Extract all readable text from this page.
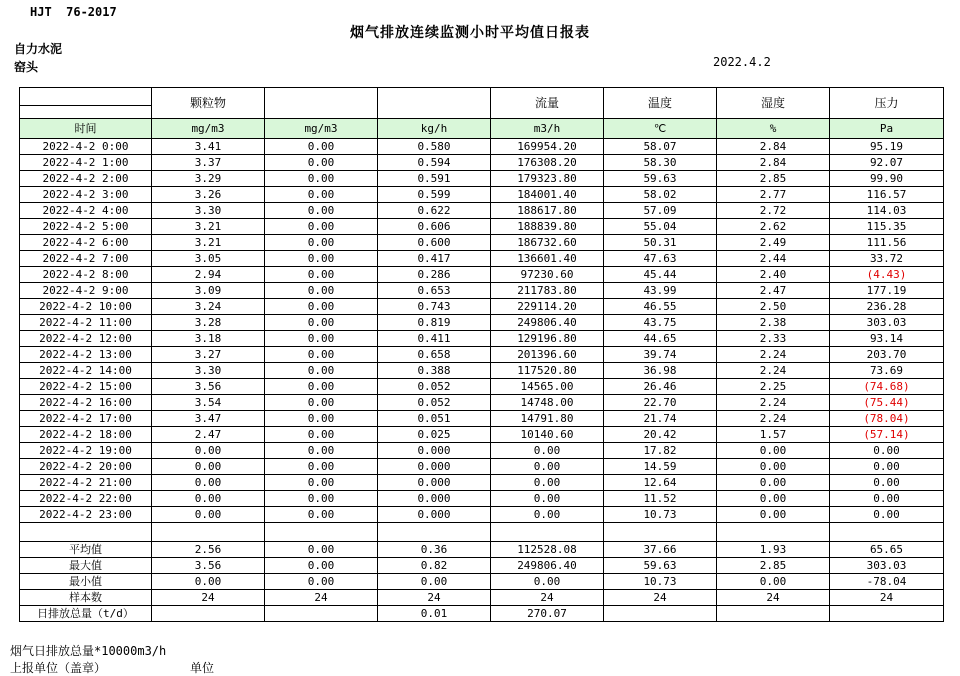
HJT  76-2017
烟气排放连续监测小时平均值日报表
自力水泥
窑头	2022.4.2
	颗粒物			流量	温度	湿度	压力

时间	mg/m3	mg/m3	kg/h	m3/h	℃	%	Pa
2022-4-2 0:00	3.41	0.00	0.580	169954.20	58.07	2.84	95.19
2022-4-2 1:00	3.37	0.00	0.594	176308.20	58.30	2.84	92.07
2022-4-2 2:00	3.29	0.00	0.591	179323.80	59.63	2.85	99.90
2022-4-2 3:00	3.26	0.00	0.599	184001.40	58.02	2.77	116.57
2022-4-2 4:00	3.30	0.00	0.622	188617.80	57.09	2.72	114.03
2022-4-2 5:00	3.21	0.00	0.606	188839.80	55.04	2.62	115.35
2022-4-2 6:00	3.21	0.00	0.600	186732.60	50.31	2.49	111.56
2022-4-2 7:00	3.05	0.00	0.417	136601.40	47.63	2.44	33.72
2022-4-2 8:00	2.94	0.00	0.286	97230.60	45.44	2.40	(4.43)
2022-4-2 9:00	3.09	0.00	0.653	211783.80	43.99	2.47	177.19
2022-4-2 10:00	3.24	0.00	0.743	229114.20	46.55	2.50	236.28
2022-4-2 11:00	3.28	0.00	0.819	249806.40	43.75	2.38	303.03
2022-4-2 12:00	3.18	0.00	0.411	129196.80	44.65	2.33	93.14
2022-4-2 13:00	3.27	0.00	0.658	201396.60	39.74	2.24	203.70
2022-4-2 14:00	3.30	0.00	0.388	117520.80	36.98	2.24	73.69
2022-4-2 15:00	3.56	0.00	0.052	14565.00	26.46	2.25	(74.68)
2022-4-2 16:00	3.54	0.00	0.052	14748.00	22.70	2.24	(75.44)
2022-4-2 17:00	3.47	0.00	0.051	14791.80	21.74	2.24	(78.04)
2022-4-2 18:00	2.47	0.00	0.025	10140.60	20.42	1.57	(57.14)
2022-4-2 19:00	0.00	0.00	0.000	0.00	17.82	0.00	0.00
2022-4-2 20:00	0.00	0.00	0.000	0.00	14.59	0.00	0.00
2022-4-2 21:00	0.00	0.00	0.000	0.00	12.64	0.00	0.00
2022-4-2 22:00	0.00	0.00	0.000	0.00	11.52	0.00	0.00
2022-4-2 23:00	0.00	0.00	0.000	0.00	10.73	0.00	0.00

平均值	2.56	0.00	0.36	112528.08	37.66	1.93	65.65
最大值	3.56	0.00	0.82	249806.40	59.63	2.85	303.03
最小值	0.00	0.00	0.00	0.00	10.73	0.00	-78.04
样本数	24	24	24	24	24	24	24
日排放总量（t/d）			0.01	270.07			
烟气日排放总量*10000m3/h
上报单位（盖章）	单位
